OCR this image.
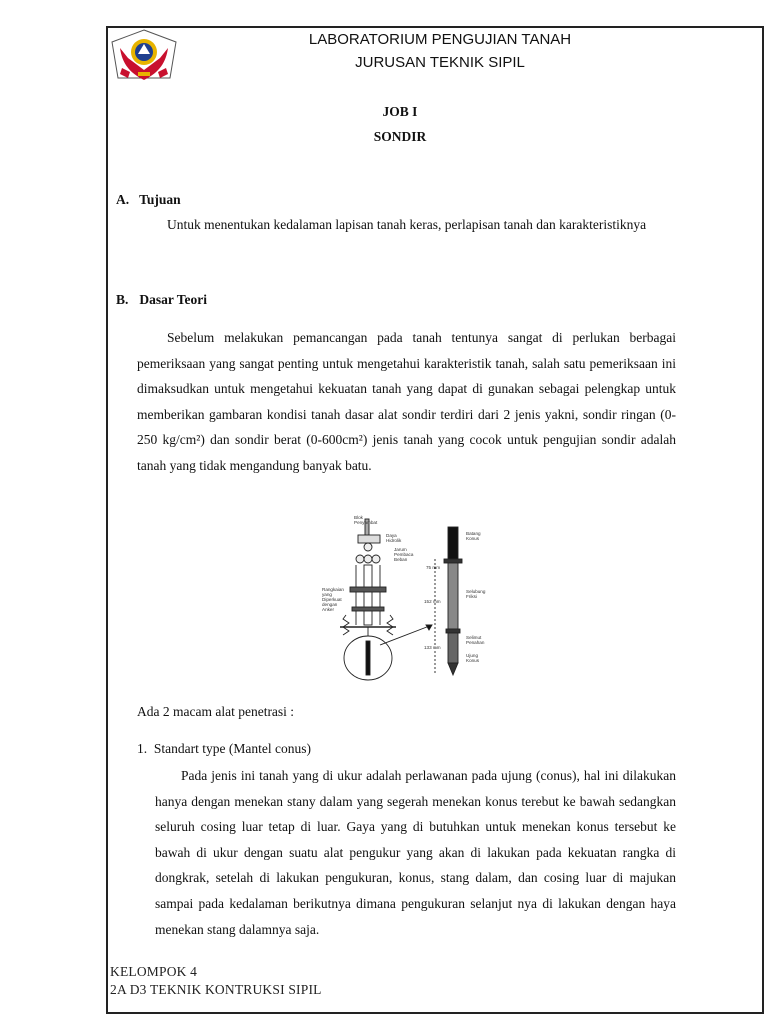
LABORATORIUM PENGUJIAN TANAH
JURUSAN TEKNIK SIPIL
JOB I
SONDIR
A. Tujuan
Untuk menentukan kedalaman lapisan tanah keras, perlapisan tanah dan karakteristiknya
B. Dasar Teori
Sebelum melakukan pemancangan pada tanah tentunya sangat di perlukan berbagai pemeriksaan yang sangat penting untuk mengetahui karakteristik tanah, salah satu pemeriksaan ini dimaksudkan untuk mengetahui kekuatan tanah yang dapat di gunakan sebagai pelengkap untuk memberikan gambaran kondisi tanah dasar alat sondir terdiri dari 2 jenis yakni, sondir ringan (0-250 kg/cm²) dan sondir berat (0-600cm²) jenis tanah yang cocok untuk pengujian sondir adalah tanah yang tidak mengandung banyak batu.
Blok Penyambat
Daya Hidrolik
Jarum Pembaca Beban
Rangkaian yang Diperkuat dengan Anker
Batang Konus
Selubung Friksi
Selimut Penahan
Ujung Konus
75 mm
152 mm
133 mm
Ada 2 macam alat penetrasi :
1. Standart type (Mantel conus)
Pada jenis ini tanah yang di ukur adalah perlawanan pada ujung (conus), hal ini dilakukan hanya dengan menekan stany dalam yang segerah menekan konus terebut ke bawah sedangkan seluruh cosing luar tetap di luar. Gaya yang di butuhkan untuk menekan konus tersebut ke bawah di ukur dengan suatu alat pengukur yang akan di lakukan pada kekuatan rangka di dongkrak, setelah di lakukan pengukuran, konus, stang dalam, dan cosing luar di majukan sampai pada kedalaman berikutnya dimana pengukuran selanjut nya di lakukan dengan haya menekan stang dalamnya saja.
KELOMPOK 4
2A D3 TEKNIK KONTRUKSI SIPIL
